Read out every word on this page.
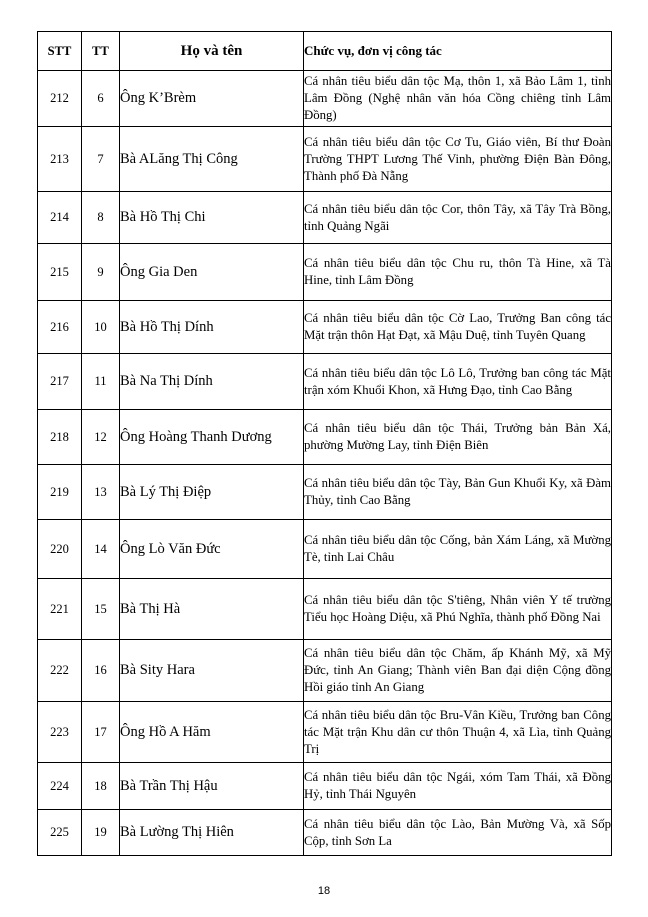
STT	TT	Họ và tên	Chức vụ, đơn vị công tác
212	6	Ông K’Brèm	Cá nhân tiêu biểu dân tộc Mạ, thôn 1, xã Bảo Lâm 1, tỉnh Lâm Đồng (Nghệ nhân văn hóa Cồng chiêng tỉnh Lâm Đồng)
213	7	Bà ALăng Thị Công	Cá nhân tiêu biểu dân tộc Cơ Tu, Giáo viên, Bí thư Đoàn Trường THPT Lương Thế Vinh, phường Điện Bàn Đông, Thành phố Đà Nẵng
214	8	Bà Hồ Thị Chi	Cá nhân tiêu biểu dân tộc Cor, thôn Tây, xã Tây Trà Bồng, tỉnh Quảng Ngãi
215	9	Ông Gia Den	Cá nhân tiêu biểu dân tộc Chu ru, thôn Tà Hine, xã Tà Hine, tỉnh Lâm Đồng
216	10	Bà Hồ Thị Dính	Cá nhân tiêu biểu dân tộc Cờ Lao, Trưởng Ban công tác Mặt trận thôn Hạt Đạt, xã Mậu Duệ, tỉnh Tuyên Quang
217	11	Bà Na Thị Dính	Cá nhân tiêu biểu dân tộc Lô Lô, Trưởng ban công tác Mặt trận xóm Khuổi Khon, xã Hưng Đạo, tỉnh Cao Bằng
218	12	Ông Hoàng Thanh Dương	Cá nhân tiêu biểu dân tộc Thái, Trưởng bản Bản Xá, phường Mường Lay, tỉnh Điện Biên
219	13	Bà Lý Thị Điệp	Cá nhân tiêu biểu dân tộc Tày, Bản Gun Khuổi Ky, xã Đàm Thủy, tỉnh Cao Bằng
220	14	Ông Lò Văn Đức	Cá nhân tiêu biểu dân tộc Cống, bản Xám Láng, xã Mường Tè, tỉnh Lai Châu
221	15	Bà Thị Hà	Cá nhân tiêu biểu dân tộc S'tiêng, Nhân viên Y tế trường Tiểu học Hoàng Diệu, xã Phú Nghĩa, thành phố Đồng Nai
222	16	Bà Sity Hara	Cá nhân tiêu biểu dân tộc Chăm, ấp Khánh Mỹ, xã Mỹ Đức, tỉnh An Giang; Thành viên Ban đại diện Cộng đồng Hồi giáo tỉnh An Giang
223	17	Ông Hồ A Hăm	Cá nhân tiêu biểu dân tộc Bru-Vân Kiều, Trưởng ban Công tác Mặt trận Khu dân cư thôn Thuận 4, xã Lìa, tỉnh Quảng Trị
224	18	Bà Trần Thị Hậu	Cá nhân tiêu biểu dân tộc Ngái, xóm Tam Thái, xã Đồng Hỷ, tỉnh Thái Nguyên
225	19	Bà Lường Thị Hiên	Cá nhân tiêu biểu dân tộc Lào, Bản Mường Và, xã Sốp Cộp, tỉnh Sơn La
18
